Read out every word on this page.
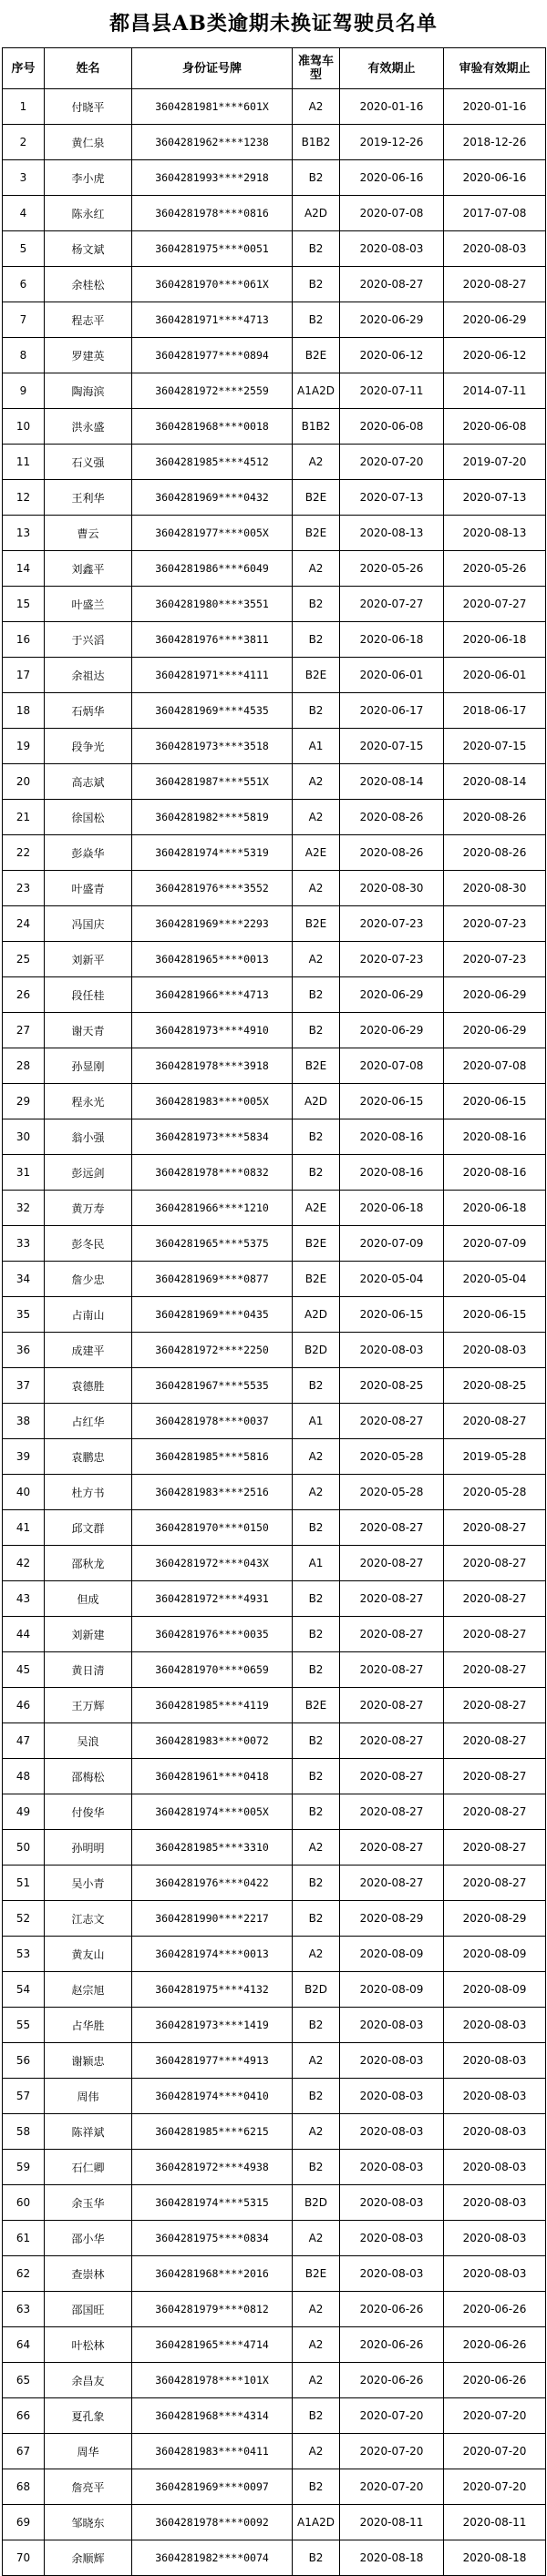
都昌县AB类逾期未换证驾驶员名单
序号	姓名	身份证号牌	准驾车型	有效期止	审验有效期止
1	付晓平	3604281981****601X	A2	2020-01-16	2020-01-16
2	黄仁泉	3604281962****1238	B1B2	2019-12-26	2018-12-26
3	李小虎	3604281993****2918	B2	2020-06-16	2020-06-16
4	陈永红	3604281978****0816	A2D	2020-07-08	2017-07-08
5	杨文斌	3604281975****0051	B2	2020-08-03	2020-08-03
6	余桂松	3604281970****061X	B2	2020-08-27	2020-08-27
7	程志平	3604281971****4713	B2	2020-06-29	2020-06-29
8	罗建英	3604281977****0894	B2E	2020-06-12	2020-06-12
9	陶海滨	3604281972****2559	A1A2D	2020-07-11	2014-07-11
10	洪永盛	3604281968****0018	B1B2	2020-06-08	2020-06-08
11	石义强	3604281985****4512	A2	2020-07-20	2019-07-20
12	王利华	3604281969****0432	B2E	2020-07-13	2020-07-13
13	曹云	3604281977****005X	B2E	2020-08-13	2020-08-13
14	刘鑫平	3604281986****6049	A2	2020-05-26	2020-05-26
15	叶盛兰	3604281980****3551	B2	2020-07-27	2020-07-27
16	于兴滔	3604281976****3811	B2	2020-06-18	2020-06-18
17	余祖达	3604281971****4111	B2E	2020-06-01	2020-06-01
18	石炳华	3604281969****4535	B2	2020-06-17	2018-06-17
19	段争光	3604281973****3518	A1	2020-07-15	2020-07-15
20	高志斌	3604281987****551X	A2	2020-08-14	2020-08-14
21	徐国松	3604281982****5819	A2	2020-08-26	2020-08-26
22	彭焱华	3604281974****5319	A2E	2020-08-26	2020-08-26
23	叶盛青	3604281976****3552	A2	2020-08-30	2020-08-30
24	冯国庆	3604281969****2293	B2E	2020-07-23	2020-07-23
25	刘新平	3604281965****0013	A2	2020-07-23	2020-07-23
26	段任桂	3604281966****4713	B2	2020-06-29	2020-06-29
27	谢天青	3604281973****4910	B2	2020-06-29	2020-06-29
28	孙显刚	3604281978****3918	B2E	2020-07-08	2020-07-08
29	程永光	3604281983****005X	A2D	2020-06-15	2020-06-15
30	翁小强	3604281973****5834	B2	2020-08-16	2020-08-16
31	彭远剑	3604281978****0832	B2	2020-08-16	2020-08-16
32	黄万寿	3604281966****1210	A2E	2020-06-18	2020-06-18
33	彭冬民	3604281965****5375	B2E	2020-07-09	2020-07-09
34	詹少忠	3604281969****0877	B2E	2020-05-04	2020-05-04
35	占南山	3604281969****0435	A2D	2020-06-15	2020-06-15
36	成建平	3604281972****2250	B2D	2020-08-03	2020-08-03
37	袁德胜	3604281967****5535	B2	2020-08-25	2020-08-25
38	占红华	3604281978****0037	A1	2020-08-27	2020-08-27
39	袁鹏忠	3604281985****5816	A2	2020-05-28	2019-05-28
40	杜方书	3604281983****2516	A2	2020-05-28	2020-05-28
41	邱文群	3604281970****0150	B2	2020-08-27	2020-08-27
42	邵秋龙	3604281972****043X	A1	2020-08-27	2020-08-27
43	但成	3604281972****4931	B2	2020-08-27	2020-08-27
44	刘新建	3604281976****0035	B2	2020-08-27	2020-08-27
45	黄日清	3604281970****0659	B2	2020-08-27	2020-08-27
46	王万辉	3604281985****4119	B2E	2020-08-27	2020-08-27
47	吴浪	3604281983****0072	B2	2020-08-27	2020-08-27
48	邵梅松	3604281961****0418	B2	2020-08-27	2020-08-27
49	付俊华	3604281974****005X	B2	2020-08-27	2020-08-27
50	孙明明	3604281985****3310	A2	2020-08-27	2020-08-27
51	吴小青	3604281976****0422	B2	2020-08-27	2020-08-27
52	江志文	3604281990****2217	B2	2020-08-29	2020-08-29
53	黄友山	3604281974****0013	A2	2020-08-09	2020-08-09
54	赵宗旭	3604281975****4132	B2D	2020-08-09	2020-08-09
55	占华胜	3604281973****1419	B2	2020-08-03	2020-08-03
56	谢颖忠	3604281977****4913	A2	2020-08-03	2020-08-03
57	周伟	3604281974****0410	B2	2020-08-03	2020-08-03
58	陈祥斌	3604281985****6215	A2	2020-08-03	2020-08-03
59	石仁卿	3604281972****4938	B2	2020-08-03	2020-08-03
60	余玉华	3604281974****5315	B2D	2020-08-03	2020-08-03
61	邵小华	3604281975****0834	A2	2020-08-03	2020-08-03
62	查崇林	3604281968****2016	B2E	2020-08-03	2020-08-03
63	邵国旺	3604281979****0812	A2	2020-06-26	2020-06-26
64	叶松林	3604281965****4714	A2	2020-06-26	2020-06-26
65	余昌友	3604281978****101X	A2	2020-06-26	2020-06-26
66	夏孔象	3604281968****4314	B2	2020-07-20	2020-07-20
67	周华	3604281983****0411	A2	2020-07-20	2020-07-20
68	詹亮平	3604281969****0097	B2	2020-07-20	2020-07-20
69	邹晓东	3604281978****0092	A1A2D	2020-08-11	2020-08-11
70	余顺辉	3604281982****0074	B2	2020-08-18	2020-08-18
